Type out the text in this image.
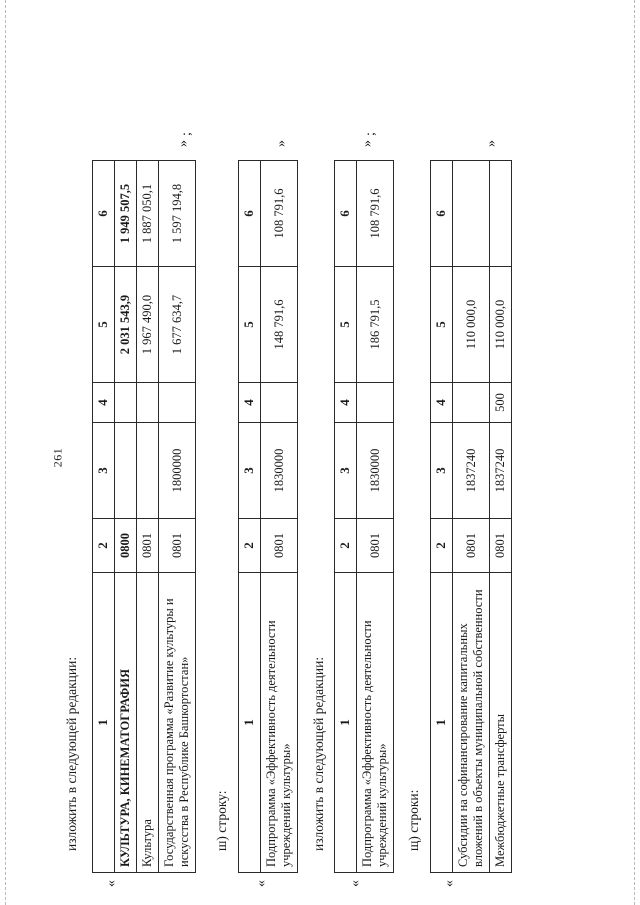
261
изложить в следующей редакции:
«
1	2	3	4	5	6
КУЛЬТУРА, КИНЕМАТОГРАФИЯ	0800			2 031 543,9	1 949 507,5
Культура	0801			1 967 490,0	1 887 050,1
Государственная программа «Развитие культуры и искусства в Республике Башкортостан»	0801	1800000		1 677 634,7	1 597 194,8
»
;
ш) строку:
«
1	2	3	4	5	6
Подпрограмма «Эффективность деятельности учреждений культуры»	0801	1830000		148 791,6	108 791,6
»
изложить в следующей редакции:
«
1	2	3	4	5	6
Подпрограмма «Эффективность деятельности учреждений культуры»	0801	1830000		186 791,5	108 791,6
»
;
щ) строки:
«
1	2	3	4	5	6
Субсидии на софинансирование капитальных вложений в объекты муниципальной собственности	0801	1837240		110 000,0	
Межбюджетные трансферты	0801	1837240	500	110 000,0	
»
